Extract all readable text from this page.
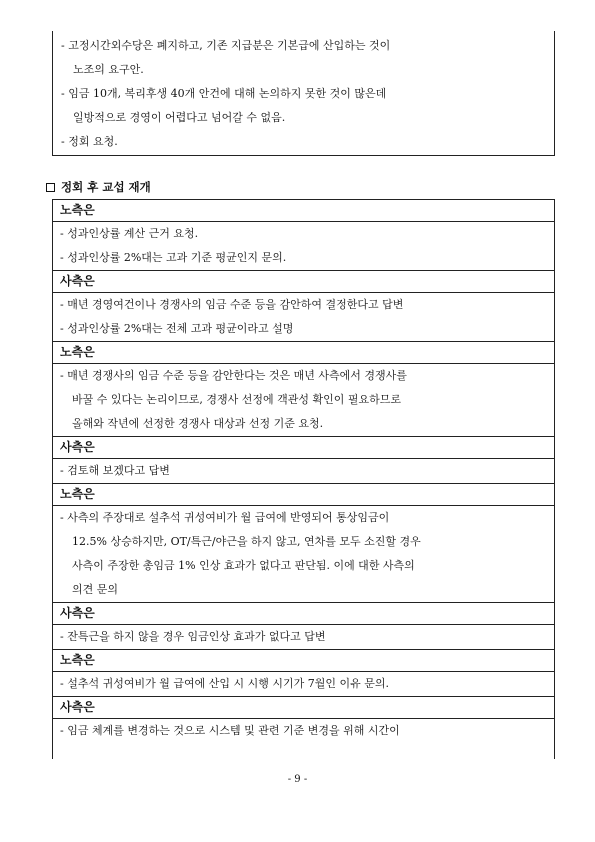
- 고정시간외수당은 폐지하고, 기존 지급분은 기본급에 산입하는 것이
노조의 요구안.
- 임금 10개, 복리후생 40개 안건에 대해 논의하지 못한 것이 많은데
일방적으로 경영이 어렵다고 넘어갈 수 없음.
- 정회 요청.
정회 후 교섭 재개
노측은
- 성과인상률 계산 근거 요청.
- 성과인상률 2%대는 고과 기준 평균인지 문의.
사측은
- 매년 경영여건이나 경쟁사의 임금 수준 등을 감안하여 결정한다고 답변
- 성과인상률 2%대는 전체 고과 평균이라고 설명
노측은
- 매년 경쟁사의 임금 수준 등을 감안한다는 것은 매년 사측에서 경쟁사를
바꿀 수 있다는 논리이므로, 경쟁사 선정에 객관성 확인이 필요하므로
올해와 작년에 선정한 경쟁사 대상과 선정 기준 요청.
사측은
- 검토해 보겠다고 답변
노측은
- 사측의 주장대로 설추석 귀성여비가 월 급여에 반영되어 통상임금이
12.5% 상승하지만, OT/특근/야근을 하지 않고, 연차를 모두 소진할 경우
사측이 주장한 총임금 1% 인상 효과가 없다고 판단됨. 이에 대한 사측의
의견 문의
사측은
- 잔특근을 하지 않을 경우 임금인상 효과가 없다고 답변
노측은
- 설추석 귀성여비가 월 급여에 산입 시 시행 시기가 7월인 이유 문의.
사측은
- 임금 체계를 변경하는 것으로 시스템 및 관련 기준 변경을 위해 시간이
- 9 -
